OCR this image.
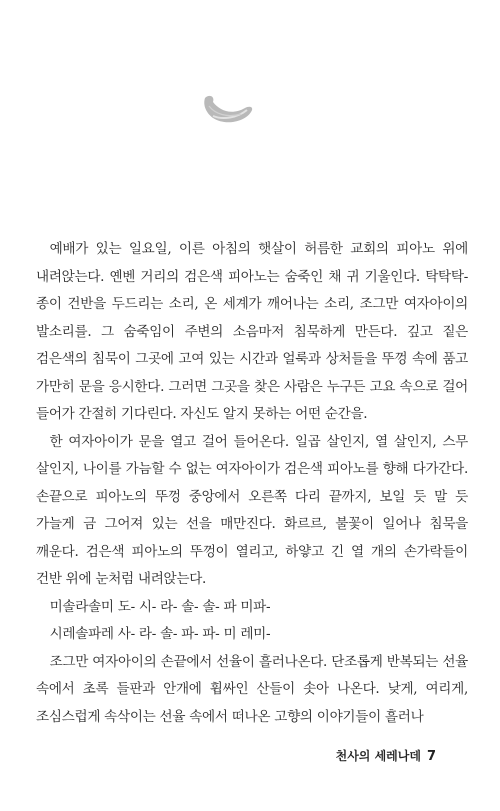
예배가 있는 일요일, 이른 아침의 햇살이 허름한 교회의 피아노 위에 내려앉는다. 옌벤 거리의 검은색 피아노는 숨죽인 채 귀 기울인다. 탁탁탁- 종이 건반을 두드리는 소리, 온 세계가 깨어나는 소리, 조그만 여자아이의 발소리를. 그 숨죽임이 주변의 소음마저 침묵하게 만든다. 깊고 짙은 검은색의 침묵이 그곳에 고여 있는 시간과 얼룩과 상처들을 뚜껑 속에 품고 가만히 문을 응시한다. 그러면 그곳을 찾은 사람은 누구든 고요 속으로 걸어 들어가 간절히 기다린다. 자신도 알지 못하는 어떤 순간을.

한 여자아이가 문을 열고 걸어 들어온다. 일곱 살인지, 열 살인지, 스무 살인지, 나이를 가늠할 수 없는 여자아이가 검은색 피아노를 향해 다가간다. 손끝으로 피아노의 뚜껑 중앙에서 오른쪽 다리 끝까지, 보일 듯 말 듯 가늘게 금 그어져 있는 선을 매만진다. 화르르, 불꽃이 일어나 침묵을 깨운다. 검은색 피아노의 뚜껑이 열리고, 하얗고 긴 열 개의 손가락들이 건반 위에 눈처럼 내려앉는다.

미솔라솔미 도- 시- 라- 솔- 솔- 파 미파-

시레솔파레 사- 라- 솔- 파- 파- 미 레미-

조그만 여자아이의 손끝에서 선율이 흘러나온다. 단조롭게 반복되는 선율 속에서 초록 들판과 안개에 휩싸인 산들이 솟아 나온다. 낮게, 여리게, 조심스럽게 속삭이는 선율 속에서 떠나온 고향의 이야기들이 흘러나

천사의 세레나데 7
